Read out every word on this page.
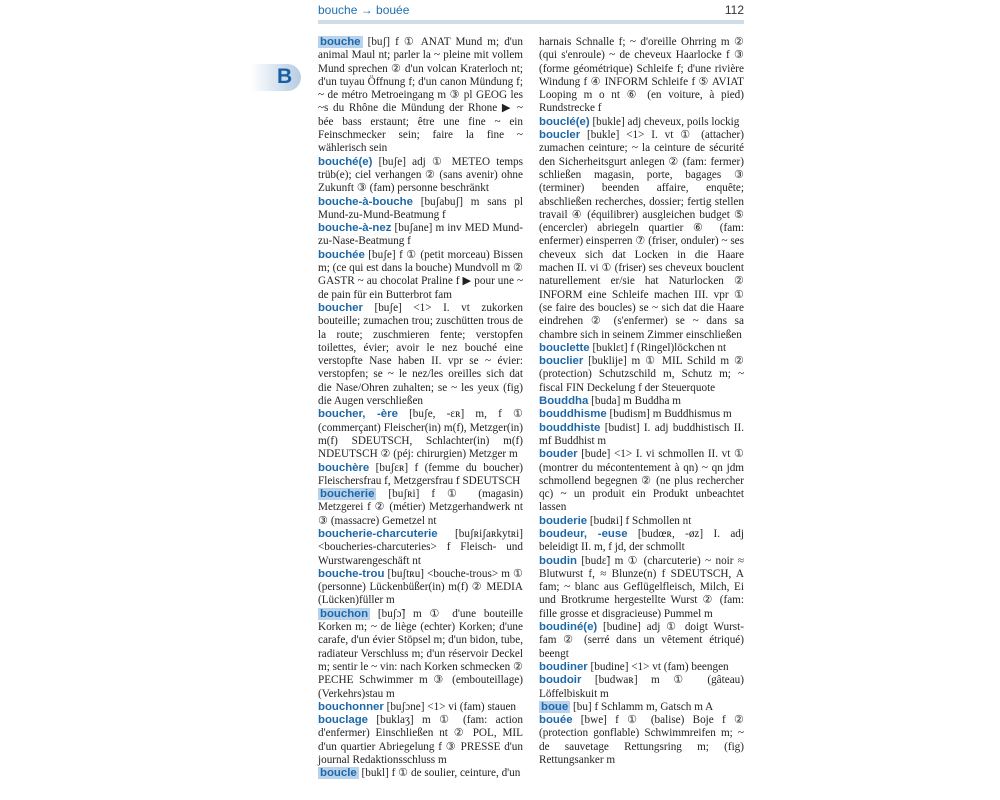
bouche → bouée	112
B

bouche [buʃ] f ① ANAT Mund m; d'un animal Maul nt; parler la ~ pleine mit vollem Mund sprechen ② d'un volcan Kraterloch nt; d'un tuyau Öffnung f; d'un canon Mündung f; ~ de métro Metroeingang m ③ pl GEOG les ~s du Rhône die Mündung der Rhone ▶ ~ bée bass erstaunt; être une fine ~ ein Feinschmecker sein; faire la fine ~ wählerisch sein

bouché(e) [buʃe] adj ① METEO temps trüb(e); ciel verhangen ② (sans avenir) ohne Zukunft ③ (fam) personne beschränkt

bouche-à-bouche [buʃabuʃ] m sans pl Mund-zu-Mund-Beatmung f

bouche-à-nez [buʃane] m inv MED Mund-zu-Nase-Beatmung f

bouchée [buʃe] f ① (petit morceau) Bissen m; (ce qui est dans la bouche) Mundvoll m ② GASTR ~ au chocolat Praline f ▶ pour une ~ de pain für ein Butterbrot fam

boucher [buʃe] <1> I. vt zukorken bouteille; zumachen trou; zuschütten trous de la route; zuschmieren fente; verstopfen toilettes, évier; avoir le nez bouché eine verstopfte Nase haben II. vpr se ~ évier: verstopfen; se ~ le nez/les oreilles sich dat die Nase/Ohren zuhalten; se ~ les yeux (fig) die Augen verschließen

boucher, -ère [buʃe, -ɛʀ] m, f ① (commerçant) Fleischer(in) m(f), Metzger(in) m(f) SDEUTSCH, Schlachter(in) m(f) NDEUTSCH ② (péj: chirurgien) Metzger m

bouchère [buʃɛʀ] f (femme du boucher) Fleischersfrau f, Metzgersfrau f SDEUTSCH

boucherie [buʃʀi] f ① (magasin) Metzgerei f ② (métier) Metzgerhandwerk nt ③ (massacre) Gemetzel nt

boucherie-charcuterie [buʃʀiʃaʀkytʀi] <boucheries-charcuteries> f Fleisch- und Wurstwarengeschäft nt

bouche-trou [buʃtʀu] <bouche-trous> m ① (personne) Lückenbüßer(in) m(f) ② MEDIA (Lücken)füller m

bouchon [buʃɔ̃] m ① d'une bouteille Korken m; ~ de liège (echter) Korken; d'une carafe, d'un évier Stöpsel m; d'un bidon, tube, radiateur Verschluss m; d'un réservoir Deckel m; sentir le ~ vin: nach Korken schmecken ② PECHE Schwimmer m ③ (embouteillage) (Verkehrs)stau m

bouchonner [buʃɔne] <1> vi (fam) stauen

bouclage [buklaʒ] m ① (fam: action d'enfermer) Einschließen nt ② POL, MIL d'un quartier Abriegelung f ③ PRESSE d'un journal Redaktionsschluss m

boucle [bukl] f ① de soulier, ceinture, d'un

harnais Schnalle f; ~ d'oreille Ohrring m ② (qui s'enroule) ~ de cheveux Haarlocke f ③ (forme géométrique) Schleife f; d'une rivière Windung f ④ INFORM Schleife f ⑤ AVIAT Looping m o nt ⑥ (en voiture, à pied) Rundstrecke f

bouclé(e) [bukle] adj cheveux, poils lockig

boucler [bukle] <1> I. vt ① (attacher) zumachen ceinture; ~ la ceinture de sécurité den Sicherheitsgurt anlegen ② (fam: fermer) schließen magasin, porte, bagages ③ (terminer) beenden affaire, enquête; abschließen recherches, dossier; fertig stellen travail ④ (équilibrer) ausgleichen budget ⑤ (encercler) abriegeln quartier ⑥ (fam: enfermer) einsperren ⑦ (friser, onduler) ~ ses cheveux sich dat Locken in die Haare machen II. vi ① (friser) ses cheveux bouclent naturellement er/sie hat Naturlocken ② INFORM eine Schleife machen III. vpr ① (se faire des boucles) se ~ sich dat die Haare eindrehen ② (s'enfermer) se ~ dans sa chambre sich in seinem Zimmer einschließen

bouclette [buklɛt] f (Ringel)löckchen nt

bouclier [buklije] m ① MIL Schild m ② (protection) Schutzschild m, Schutz m; ~ fiscal FIN Deckelung f der Steuerquote

Bouddha [buda] m Buddha m

bouddhisme [budism] m Buddhismus m

bouddhiste [budist] I. adj buddhistisch II. mf Buddhist m

bouder [bude] <1> I. vi schmollen II. vt ① (montrer du mécontentement à qn) ~ qn jdm schmollend begegnen ② (ne plus rechercher qc) ~ un produit ein Produkt unbeachtet lassen

bouderie [budʀi] f Schmollen nt

boudeur, -euse [budœʀ, -øz] I. adj beleidigt II. m, f jd, der schmollt

boudin [budɛ̃] m ① (charcuterie) ~ noir ≈ Blutwurst f, ≈ Blunze(n) f SDEUTSCH, A fam; ~ blanc aus Geflügelfleisch, Milch, Ei und Brotkrume hergestellte Wurst ② (fam: fille grosse et disgracieuse) Pummel m

boudiné(e) [budine] adj ① doigt Wurst- fam ② (serré dans un vêtement étriqué) beengt

boudiner [budine] <1> vt (fam) beengen

boudoir [budwaʀ] m ① (gâteau) Löffelbiskuit m

boue [bu] f Schlamm m, Gatsch m A

bouée [bwe] f ① (balise) Boje f ② (protection gonflable) Schwimmreifen m; ~ de sauvetage Rettungsring m; (fig) Rettungsanker m
